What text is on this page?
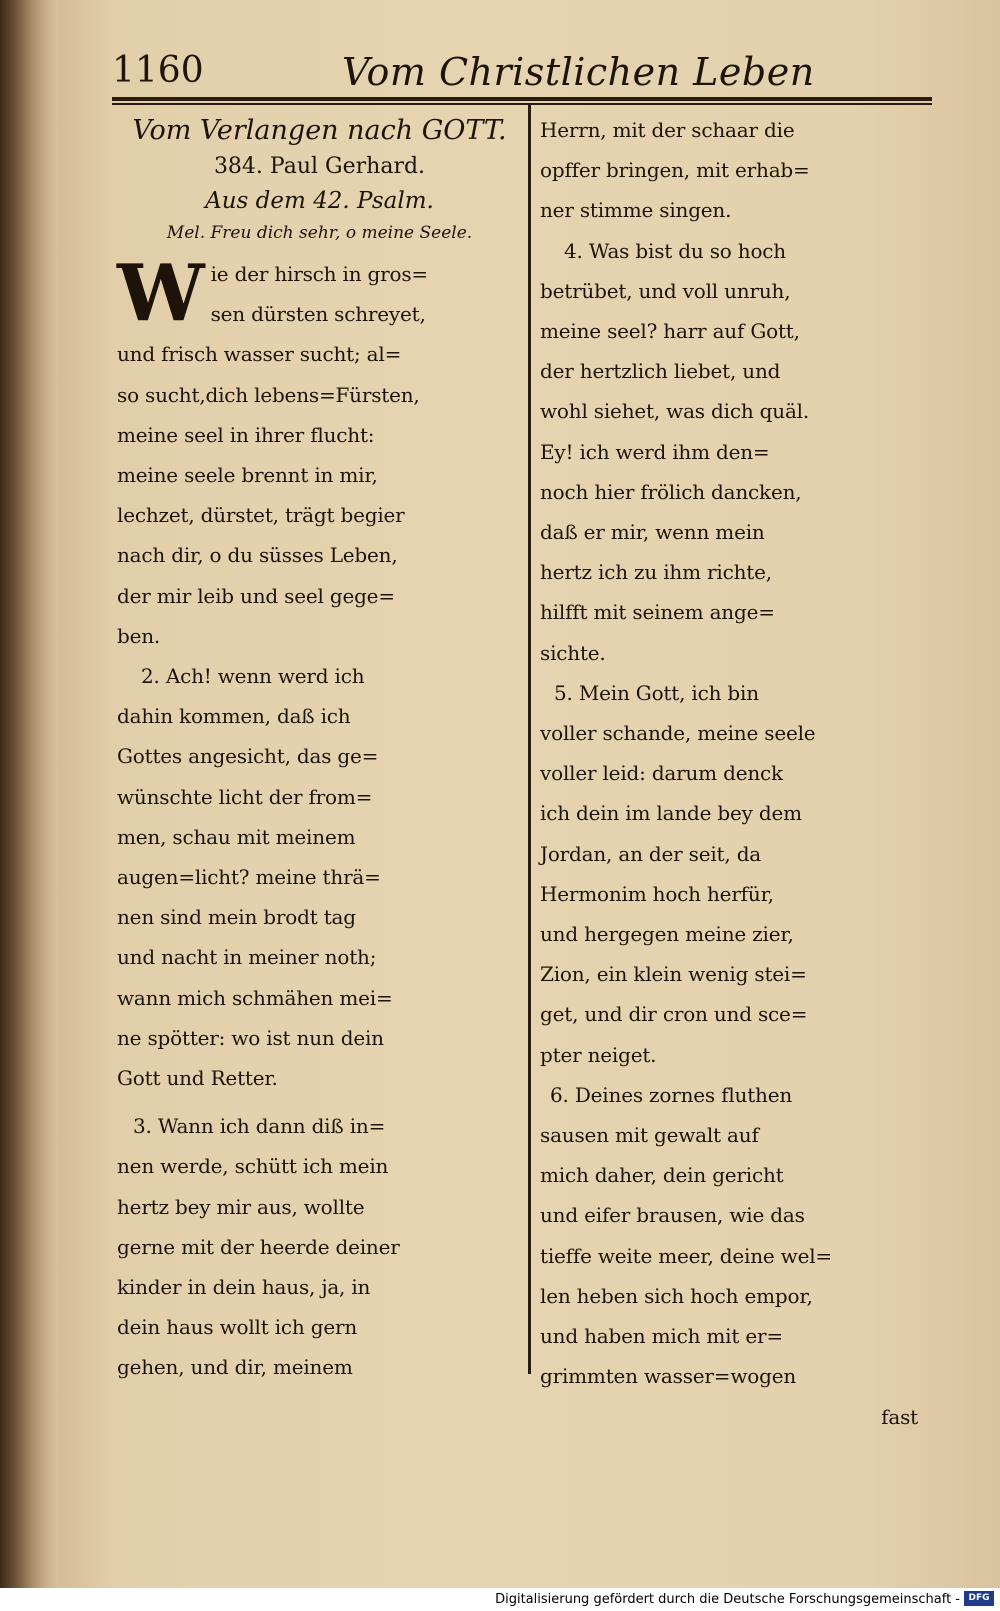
1160	Vom Christlichen Leben
Vom Verlangen nach GOTT.
384. Paul Gerhard.
Aus dem 42. Psalm.
Mel. Freu dich sehr, o meine Seele.
W ie der hirsch in gros=
sen dürsten schreyet,
und frisch wasser sucht; al=
so sucht,dich lebens=Fürsten,
meine seel in ihrer flucht:
meine seele brennt in mir,
lechzet, dürstet, trägt begier
nach dir, o du süsses Leben,
der mir leib und seel gege=
ben.
2. Ach! wenn werd ich
dahin kommen, daß ich
Gottes angesicht, das ge=
wünschte licht der from=
men, schau mit meinem
augen=licht? meine thrä=
nen sind mein brodt tag
und nacht in meiner noth;
wann mich schmähen mei=
ne spötter: wo ist nun dein
Gott und Retter.
3. Wann ich dann diß in=
nen werde, schütt ich mein
hertz bey mir aus, wollte
gerne mit der heerde deiner
kinder in dein haus, ja, in
dein haus wollt ich gern
gehen, und dir, meinem
Herrn, mit der schaar die
opffer bringen, mit erhab=
ner stimme singen.
4. Was bist du so hoch
betrübet, und voll unruh,
meine seel? harr auf Gott,
der hertzlich liebet, und
wohl siehet, was dich quäl.
Ey! ich werd ihm den=
noch hier frölich dancken,
daß er mir, wenn mein
hertz ich zu ihm richte,
hilfft mit seinem ange=
sichte.
5. Mein Gott, ich bin
voller schande, meine seele
voller leid: darum denck
ich dein im lande bey dem
Jordan, an der seit, da
Hermonim hoch herfür,
und hergegen meine zier,
Zion, ein klein wenig stei=
get, und dir cron und sce=
pter neiget.
6. Deines zornes fluthen
sausen mit gewalt auf
mich daher, dein gericht
und eifer brausen, wie das
tieffe weite meer, deine wel=
len heben sich hoch empor,
und haben mich mit er=
grimmten wasser=wogen
fast
Digitalisierung gefördert durch die Deutsche Forschungsgemeinschaft - DFG
